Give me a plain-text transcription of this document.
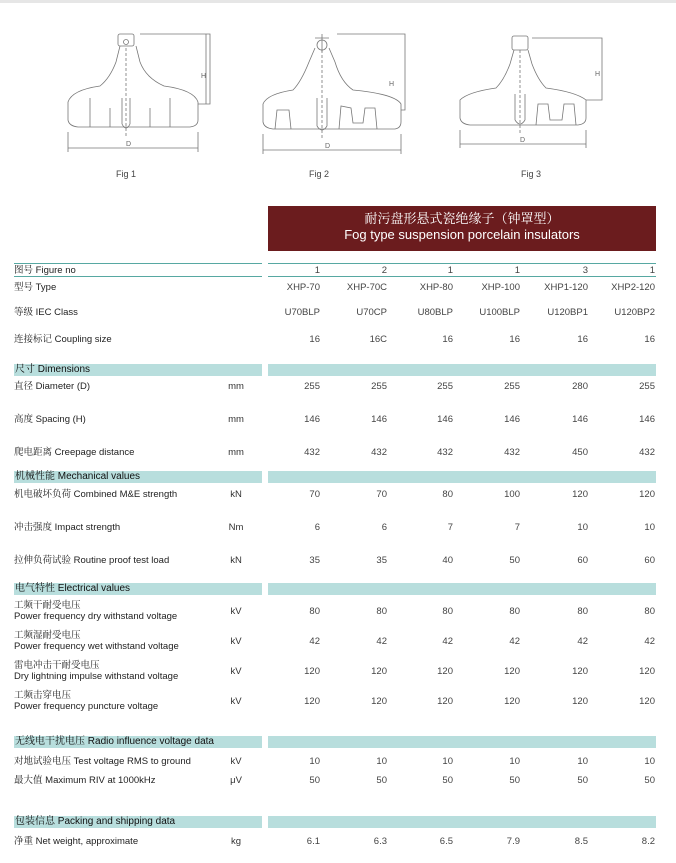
H
D
H
D
H
D
Fig 1	Fig 2	Fig 3
耐污盘形悬式瓷绝缘子（钟罩型）
Fog type suspension porcelain insulators
图号 Figure no	1	2	1	1	3	1
型号 Type	XHP-70	XHP-70C	XHP-80	XHP-100	XHP1-120	XHP2-120
等级 IEC Class	U70BLP	U70CP	U80BLP	U100BLP	U120BP1	U120BP2
连接标记 Coupling size	16	16C	16	16	16	16
尺寸 Dimensions
直径 Diameter (D)	mm	255	255	255	255	280	255
高度 Spacing (H)	mm	146	146	146	146	146	146
爬电距离 Creepage distance	mm	432	432	432	432	450	432
机械性能 Mechanical values
机电破坏负荷 Combined M&E strength	kN	70	70	80	100	120	120
冲击强度 Impact strength	Nm	6	6	7	7	10	10
拉伸负荷试验 Routine proof test load	kN	35	35	40	50	60	60
电气特性 Electrical values
工频干耐受电压
Power frequency dry withstand voltage	kV	80	80	80	80	80	80
工频湿耐受电压
Power frequency wet withstand voltage	kV	42	42	42	42	42	42
雷电冲击干耐受电压
Dry lightning impulse withstand voltage	kV	120	120	120	120	120	120
工频击穿电压
Power frequency puncture voltage	kV	120	120	120	120	120	120
无线电干扰电压 Radio influence voltage data
对地试验电压 Test voltage RMS to ground	kV	10	10	10	10	10	10
最大值 Maximum RIV at 1000kHz	μV	50	50	50	50	50	50
包装信息 Packing and shipping data
净重 Net weight, approximate	kg	6.1	6.3	6.5	7.9	8.5	8.2
